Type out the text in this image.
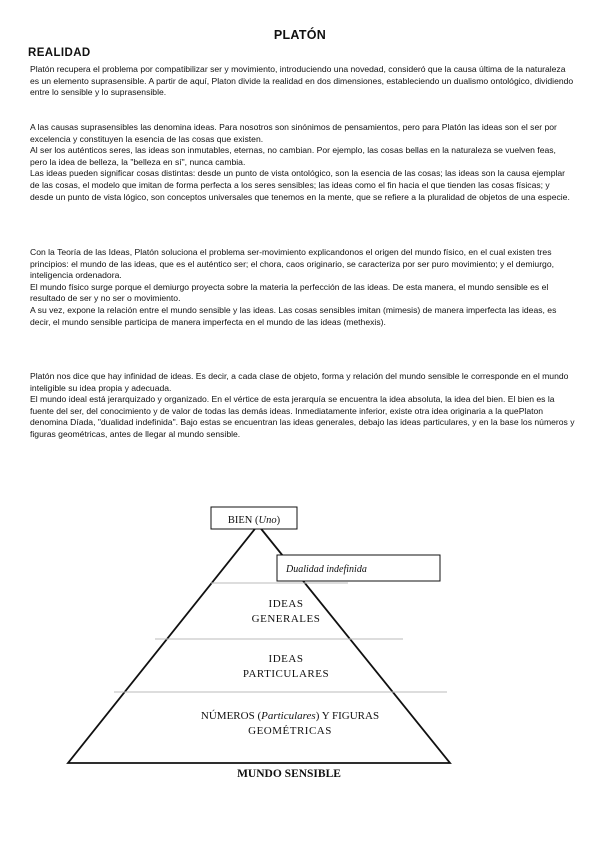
PLATÓN
REALIDAD

Platón recupera el problema por compatibilizar ser y movimiento, introduciendo una novedad, consideró que la causa última de la naturaleza es un elemento suprasensible. A partir de aquí, Platon divide la realidad en dos dimensiones, estableciendo un dualismo ontológico, dividiendo entre lo sensible y lo suprasensible.

A las causas suprasensibles las denomina ideas. Para nosotros son sinónimos de pensamientos, pero para Platón las ideas son el ser por excelencia y constituyen la esencia de las cosas que existen.

Al ser los auténticos seres, las ideas son inmutables, eternas, no cambian. Por ejemplo, las cosas bellas en la naturaleza se vuelven feas, pero la idea de belleza, la "belleza en sí", nunca cambia.

Las ideas pueden significar cosas distintas: desde un punto de vista ontológico, son la esencia de las cosas; las ideas son la causa ejemplar de las cosas, el modelo que imitan de forma perfecta a los seres sensibles; las ideas como el fin hacia el que tienden las cosas físicas; y desde un punto de vista lógico, son conceptos universales que tenemos en la mente, que se refiere a la pluralidad de objetos de una especie.

Con la Teoría de las Ideas, Platón soluciona el problema ser-movimiento explicandonos el origen del mundo físico, en el cual existen tres principios: el mundo de las ideas, que es el auténtico ser; el chora, caos originario, se caracteriza por ser puro movimiento; y el demiurgo, inteligencia ordenadora.

El mundo físico surge porque el demiurgo proyecta sobre la materia la perfección de las ideas. De esta manera, el mundo sensible es el resultado de ser y no ser o movimiento.

A su vez, expone la relación entre el mundo sensible y las ideas. Las cosas sensibles imitan (mimesis) de manera imperfecta las ideas, es decir, el mundo sensible participa de manera imperfecta en el mundo de las ideas (methexis).

Platón nos dice que hay infinidad de ideas. Es decir, a cada clase de objeto, forma y relación del mundo sensible le corresponde en el mundo inteligible su idea propia y adecuada.

El mundo ideal está jerarquizado y organizado. En el vértice de esta jerarquía se encuentra la idea absoluta, la idea del bien. El bien es la fuente del ser, del conocimiento y de valor de todas las demás ideas. Inmediatamente inferior, existe otra idea originaria a la quePlaton denomina Díada, "dualidad indefinida". Bajo estas se encuentran las ideas generales, debajo las ideas particulares, y en la base los números y figuras geométricas, antes de llegar al mundo sensible.

BIEN (Uno)
Dualidad indefinida
IDEAS
GENERALES
IDEAS
PARTICULARES
NÚMEROS (Particulares) Y FIGURAS
GEOMÉTRICAS
MUNDO SENSIBLE
